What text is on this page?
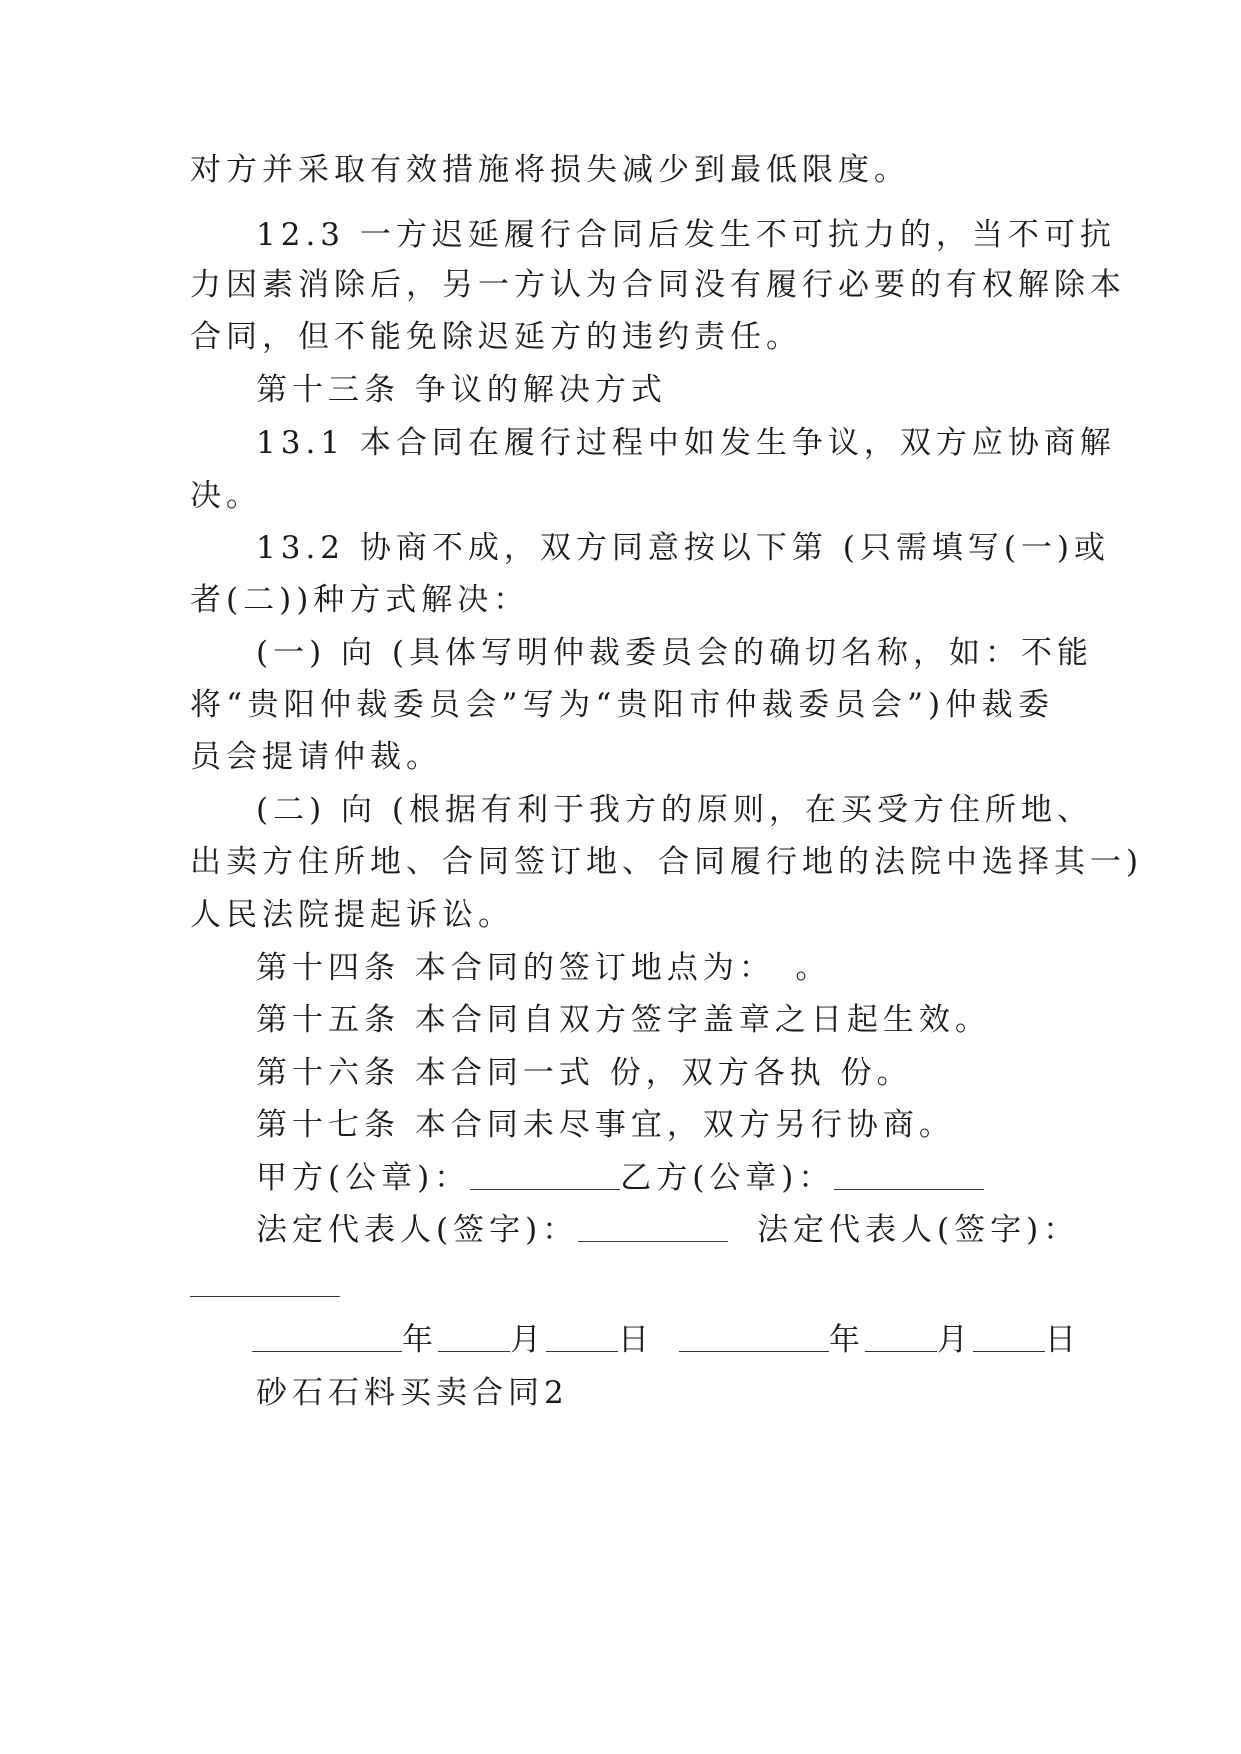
对方并采取有效措施将损失减少到最低限度。
12.3 一方迟延履行合同后发生不可抗力的，当不可抗
力因素消除后，另一方认为合同没有履行必要的有权解除本
合同，但不能免除迟延方的违约责任。
第十三条 争议的解决方式
13.1 本合同在履行过程中如发生争议，双方应协商解
决。
13.2 协商不成，双方同意按以下第 (只需填写(一)或
者(二))种方式解决：
(一) 向 (具体写明仲裁委员会的确切名称，如：不能
将“贵阳仲裁委员会”写为“贵阳市仲裁委员会”)仲裁委
员会提请仲裁。
(二) 向 (根据有利于我方的原则，在买受方住所地、
出卖方住所地、合同签订地、合同履行地的法院中选择其一)
人民法院提起诉讼。
第十四条 本合同的签订地点为：　。
第十五条 本合同自双方签字盖章之日起生效。
第十六条 本合同一式 份，双方各执 份。
第十七条 本合同未尽事宜，双方另行协商。
甲方(公章)：	乙方(公章)：
法定代表人(签字)：	法定代表人(签字)：
年 月 日	年 月 日
砂石石料买卖合同2
